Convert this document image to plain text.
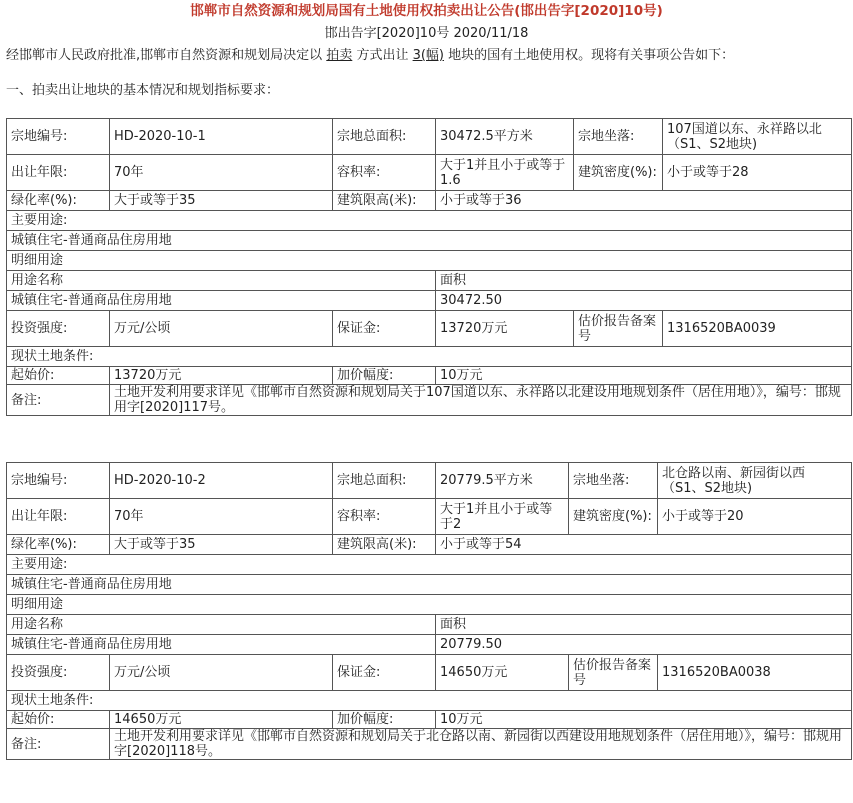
邯郸市自然资源和规划局国有土地使用权拍卖出让公告(邯出告字[2020]10号)
邯出告字[2020]10号 2020/11/18
经邯郸市人民政府批准,邯郸市自然资源和规划局决定以 拍卖 方式出让 3(幅) 地块的国有土地使用权。现将有关事项公告如下：
一、拍卖出让地块的基本情况和规划指标要求：
宗地编号:	HD-2020-10-1	宗地总面积:	30472.5平方米	宗地坐落:	107国道以东、永祥路以北（S1、S2地块)
出让年限:	70年	容积率:	大于1并且小于或等于1.6	建筑密度(%):	小于或等于28
绿化率(%):	大于或等于35	建筑限高(米):	小于或等于36		
主要用途:					
城镇住宅-普通商品住房用地					
明细用途					
用途名称			面积		
城镇住宅-普通商品住房用地			30472.50		
投资强度:	万元/公顷	保证金:	13720万元	估价报告备案号	1316520BA0039
现状土地条件:					
起始价:	13720万元	加价幅度:	10万元		
备注:	土地开发利用要求详见《邯郸市自然资源和规划局关于107国道以东、永祥路以北建设用地规划条件（居住用地）》，编号：邯规用字[2020]117号。				
宗地编号:	HD-2020-10-2	宗地总面积:	20779.5平方米	宗地坐落:	北仓路以南、新园街以西（S1、S2地块)
出让年限:	70年	容积率:	大于1并且小于或等于2	建筑密度(%):	小于或等于20
绿化率(%):	大于或等于35	建筑限高(米):	小于或等于54		
主要用途:					
城镇住宅-普通商品住房用地					
明细用途					
用途名称			面积		
城镇住宅-普通商品住房用地			20779.50		
投资强度:	万元/公顷	保证金:	14650万元	估价报告备案号	1316520BA0038
现状土地条件:					
起始价:	14650万元	加价幅度:	10万元		
备注:	土地开发利用要求详见《邯郸市自然资源和规划局关于北仓路以南、新园街以西建设用地规划条件（居住用地）》，编号：邯规用字[2020]118号。				
